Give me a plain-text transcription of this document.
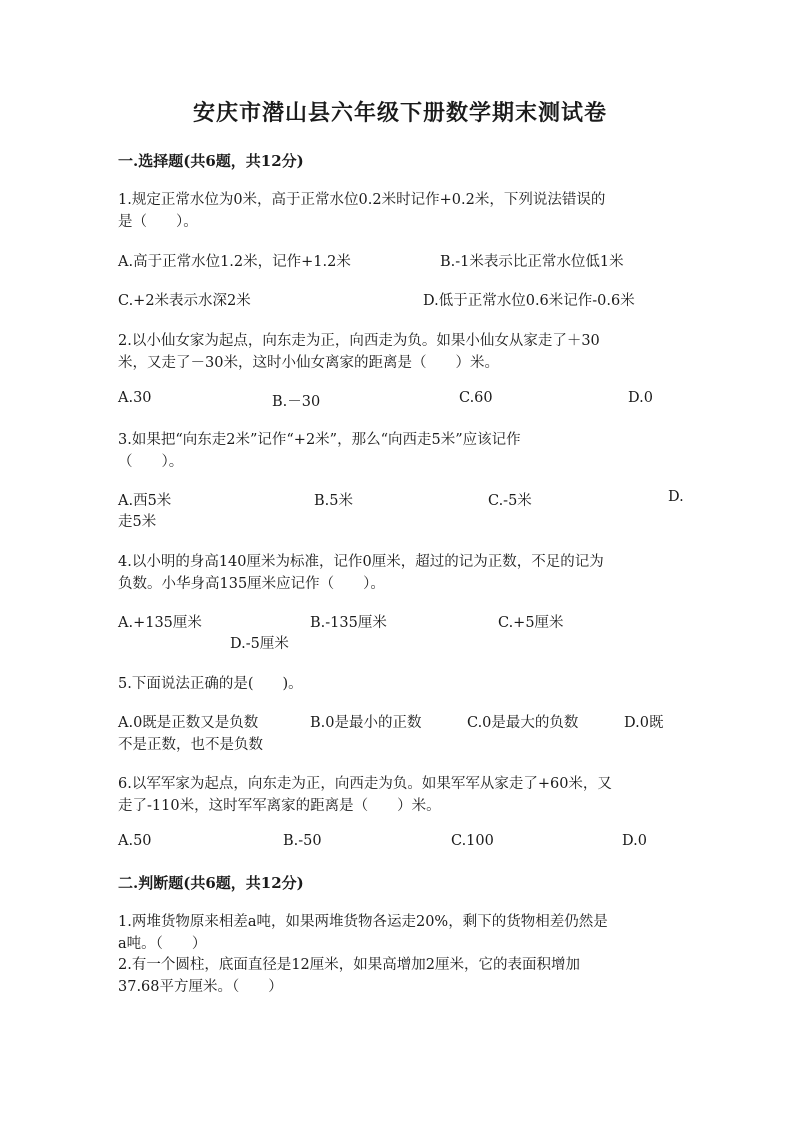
安庆市潜山县六年级下册数学期末测试卷
一.选择题(共6题，共12分)
1.规定正常水位为0米，高于正常水位0.2米时记作+0.2米，下列说法错误的
是（　　）。
A.高于正常水位1.2米，记作+1.2米	B.-1米表示比正常水位低1米
C.+2米表示水深2米	D.低于正常水位0.6米记作-0.6米
2.以小仙女家为起点，向东走为正，向西走为负。如果小仙女从家走了＋30
米，又走了－30米，这时小仙女离家的距离是（　　）米。
A.30	B.－30	C.60	D.0
3.如果把“向东走2米”记作“+2米”，那么“向西走5米”应该记作
（　　）。
A.西5米	B.5米	C.-5米	D.
走5米
4.以小明的身高140厘米为标准，记作0厘米，超过的记为正数，不足的记为
负数。小华身高135厘米应记作（　　）。
A.+135厘米	B.-135厘米	C.+5厘米
D.-5厘米
5.下面说法正确的是(　　)。
A.0既是正数又是负数	B.0是最小的正数	C.0是最大的负数	D.0既
不是正数，也不是负数
6.以军军家为起点，向东走为正，向西走为负。如果军军从家走了+60米，又
走了-110米，这时军军离家的距离是（　　）米。
A.50	B.-50	C.100	D.0
二.判断题(共6题，共12分)
1.两堆货物原来相差a吨，如果两堆货物各运走20%，剩下的货物相差仍然是
a吨。（　　）
2.有一个圆柱，底面直径是12厘米，如果高增加2厘米，它的表面积增加
37.68平方厘米。（　　）
